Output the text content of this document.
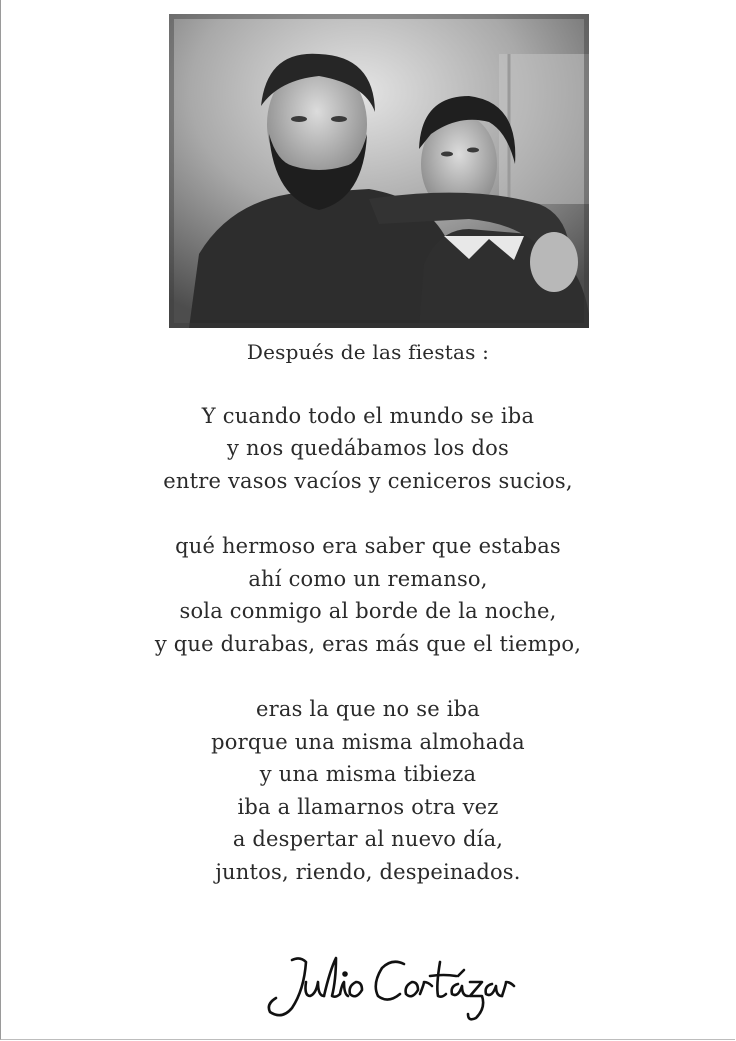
Después de las fiestas :
Y cuando todo el mundo se iba
y nos quedábamos los dos
entre vasos vacíos y ceniceros sucios,
qué hermoso era saber que estabas
ahí como un remanso,
sola conmigo al borde de la noche,
y que durabas, eras más que el tiempo,
eras la que no se iba
porque una misma almohada
y una misma tibieza
iba a llamarnos otra vez
a despertar al nuevo día,
juntos, riendo, despeinados.
